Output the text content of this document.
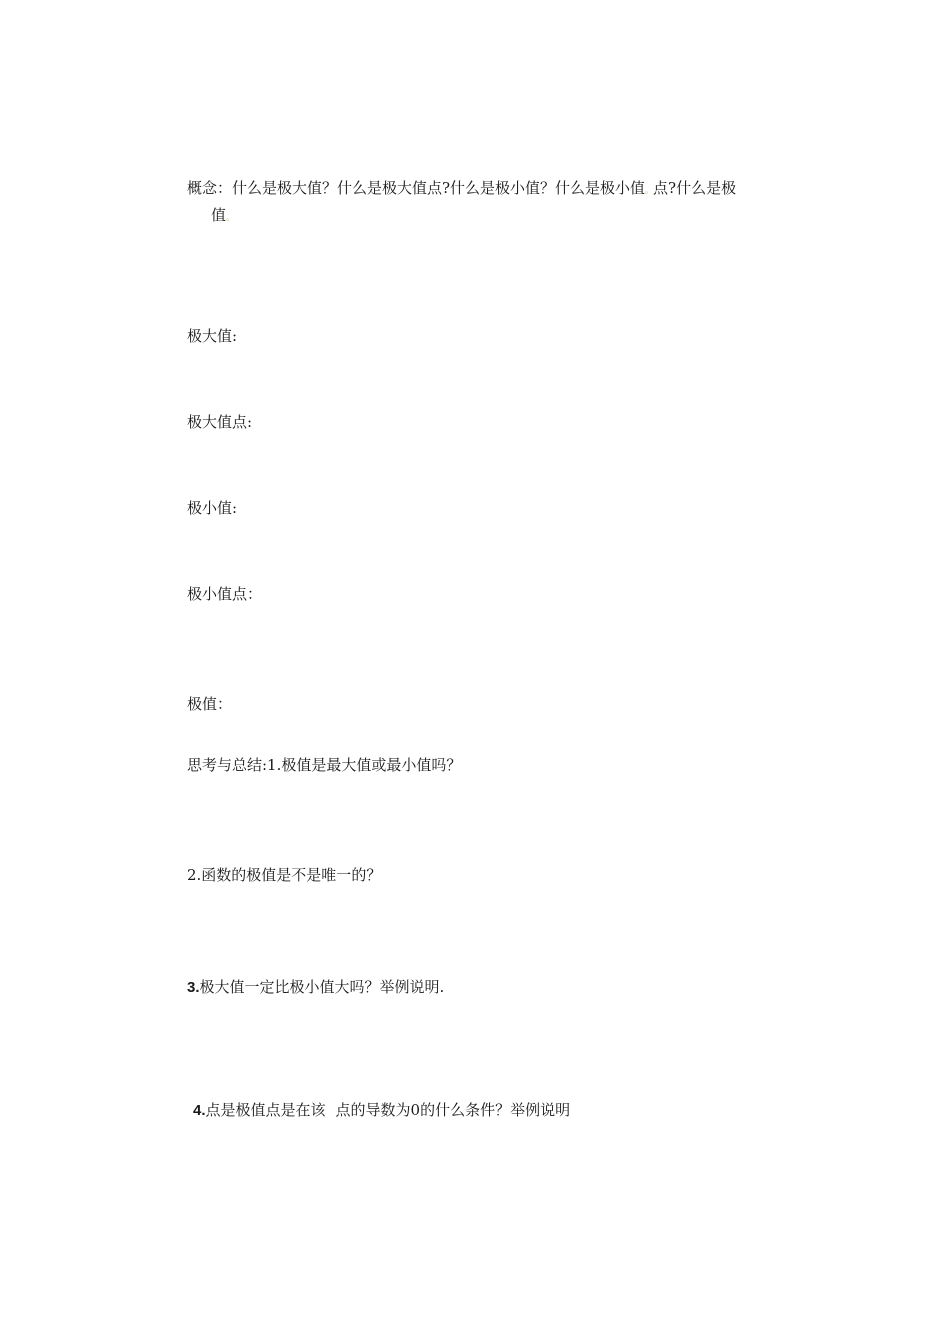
概念：什么是极大值？什么是极大值点?什么是极小值？什么是极小值。点?什么是极
值。
极大值:
极大值点:
极小值:
极小值点：
极值：
思考与总结:1.极值是最大值或最小值吗？
2.函数的极值是不是唯一的？
3.极大值一定比极小值大吗？举例说明.
4.点是极值点是在该 点的导数为0的什么条件？举例说明
